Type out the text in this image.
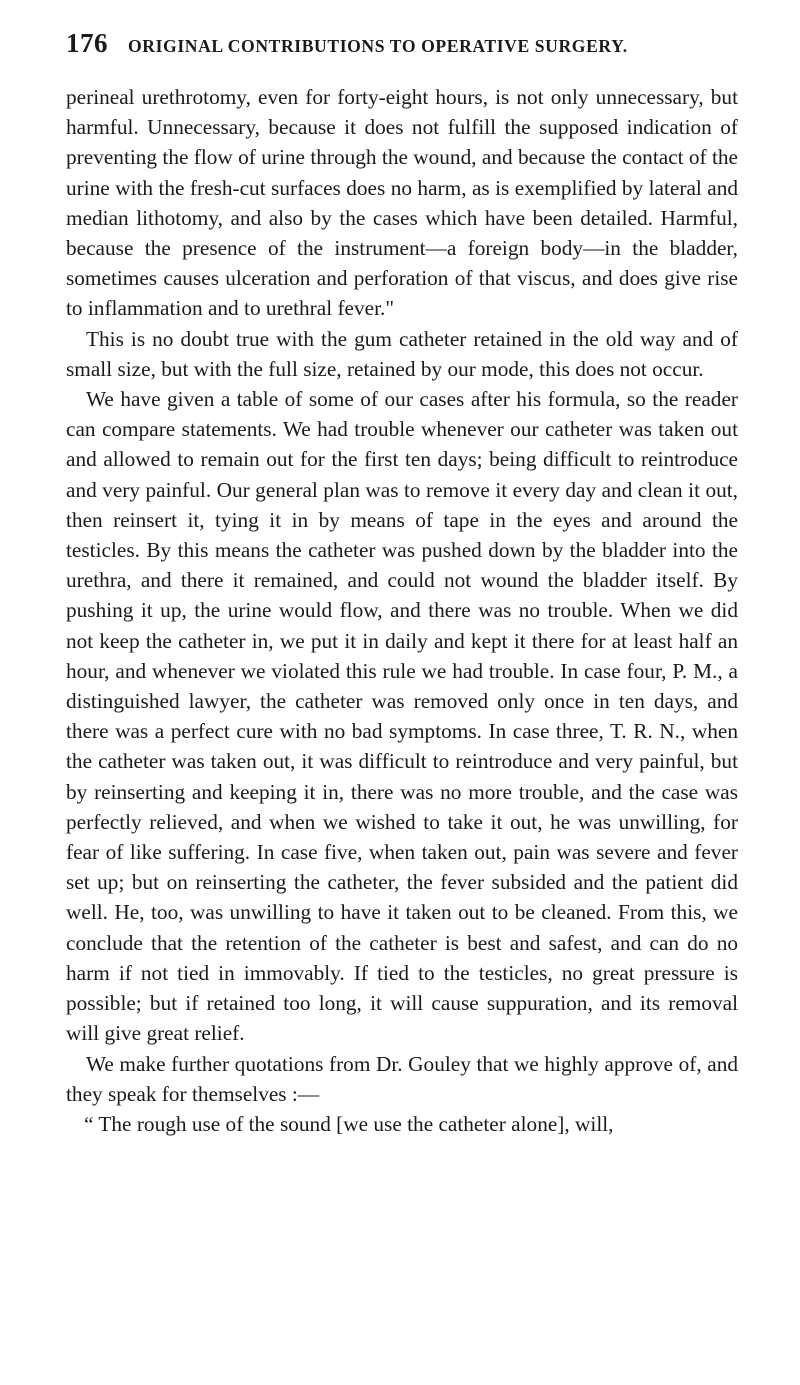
176 ORIGINAL CONTRIBUTIONS TO OPERATIVE SURGERY.

perineal urethrotomy, even for forty-eight hours, is not only unnecessary, but harmful. Unnecessary, because it does not fulfill the supposed indication of preventing the flow of urine through the wound, and because the contact of the urine with the fresh-cut surfaces does no harm, as is exemplified by lateral and median lithotomy, and also by the cases which have been detailed. Harmful, because the presence of the instrument—a foreign body—in the bladder, sometimes causes ulceration and perforation of that viscus, and does give rise to inflammation and to urethral fever."

This is no doubt true with the gum catheter retained in the old way and of small size, but with the full size, retained by our mode, this does not occur.

We have given a table of some of our cases after his formula, so the reader can compare statements. We had trouble whenever our catheter was taken out and allowed to remain out for the first ten days; being difficult to reintroduce and very painful. Our general plan was to remove it every day and clean it out, then reinsert it, tying it in by means of tape in the eyes and around the testicles. By this means the catheter was pushed down by the bladder into the urethra, and there it remained, and could not wound the bladder itself. By pushing it up, the urine would flow, and there was no trouble. When we did not keep the catheter in, we put it in daily and kept it there for at least half an hour, and whenever we violated this rule we had trouble. In case four, P. M., a distinguished lawyer, the catheter was removed only once in ten days, and there was a perfect cure with no bad symptoms. In case three, T. R. N., when the catheter was taken out, it was difficult to reintroduce and very painful, but by reinserting and keeping it in, there was no more trouble, and the case was perfectly relieved, and when we wished to take it out, he was unwilling, for fear of like suffering. In case five, when taken out, pain was severe and fever set up; but on reinserting the catheter, the fever subsided and the patient did well. He, too, was unwilling to have it taken out to be cleaned. From this, we conclude that the retention of the catheter is best and safest, and can do no harm if not tied in immovably. If tied to the testicles, no great pressure is possible; but if retained too long, it will cause suppuration, and its removal will give great relief.

We make further quotations from Dr. Gouley that we highly approve of, and they speak for themselves :—

“ The rough use of the sound [we use the catheter alone], will,
